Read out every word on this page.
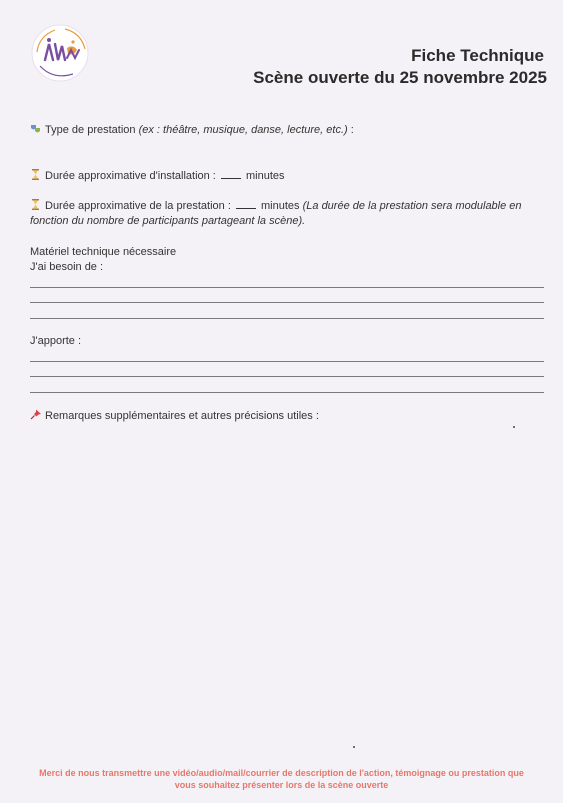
Fiche Technique
Scène ouverte du 25 novembre 2025
Type de prestation (ex : théâtre, musique, danse, lecture, etc.) :
Durée approximative d'installation :	minutes
Durée approximative de la prestation :	minutes (La durée de la prestation sera modulable en
fonction du nombre de participants partageant la scène).
Matériel technique nécessaire
J'ai besoin de :
J'apporte :
Remarques supplémentaires et autres précisions utiles :
Merci de nous transmettre une vidéo/audio/mail/courrier de description de l'action, témoignage ou prestation que
vous souhaitez présenter lors de la scène ouverte
